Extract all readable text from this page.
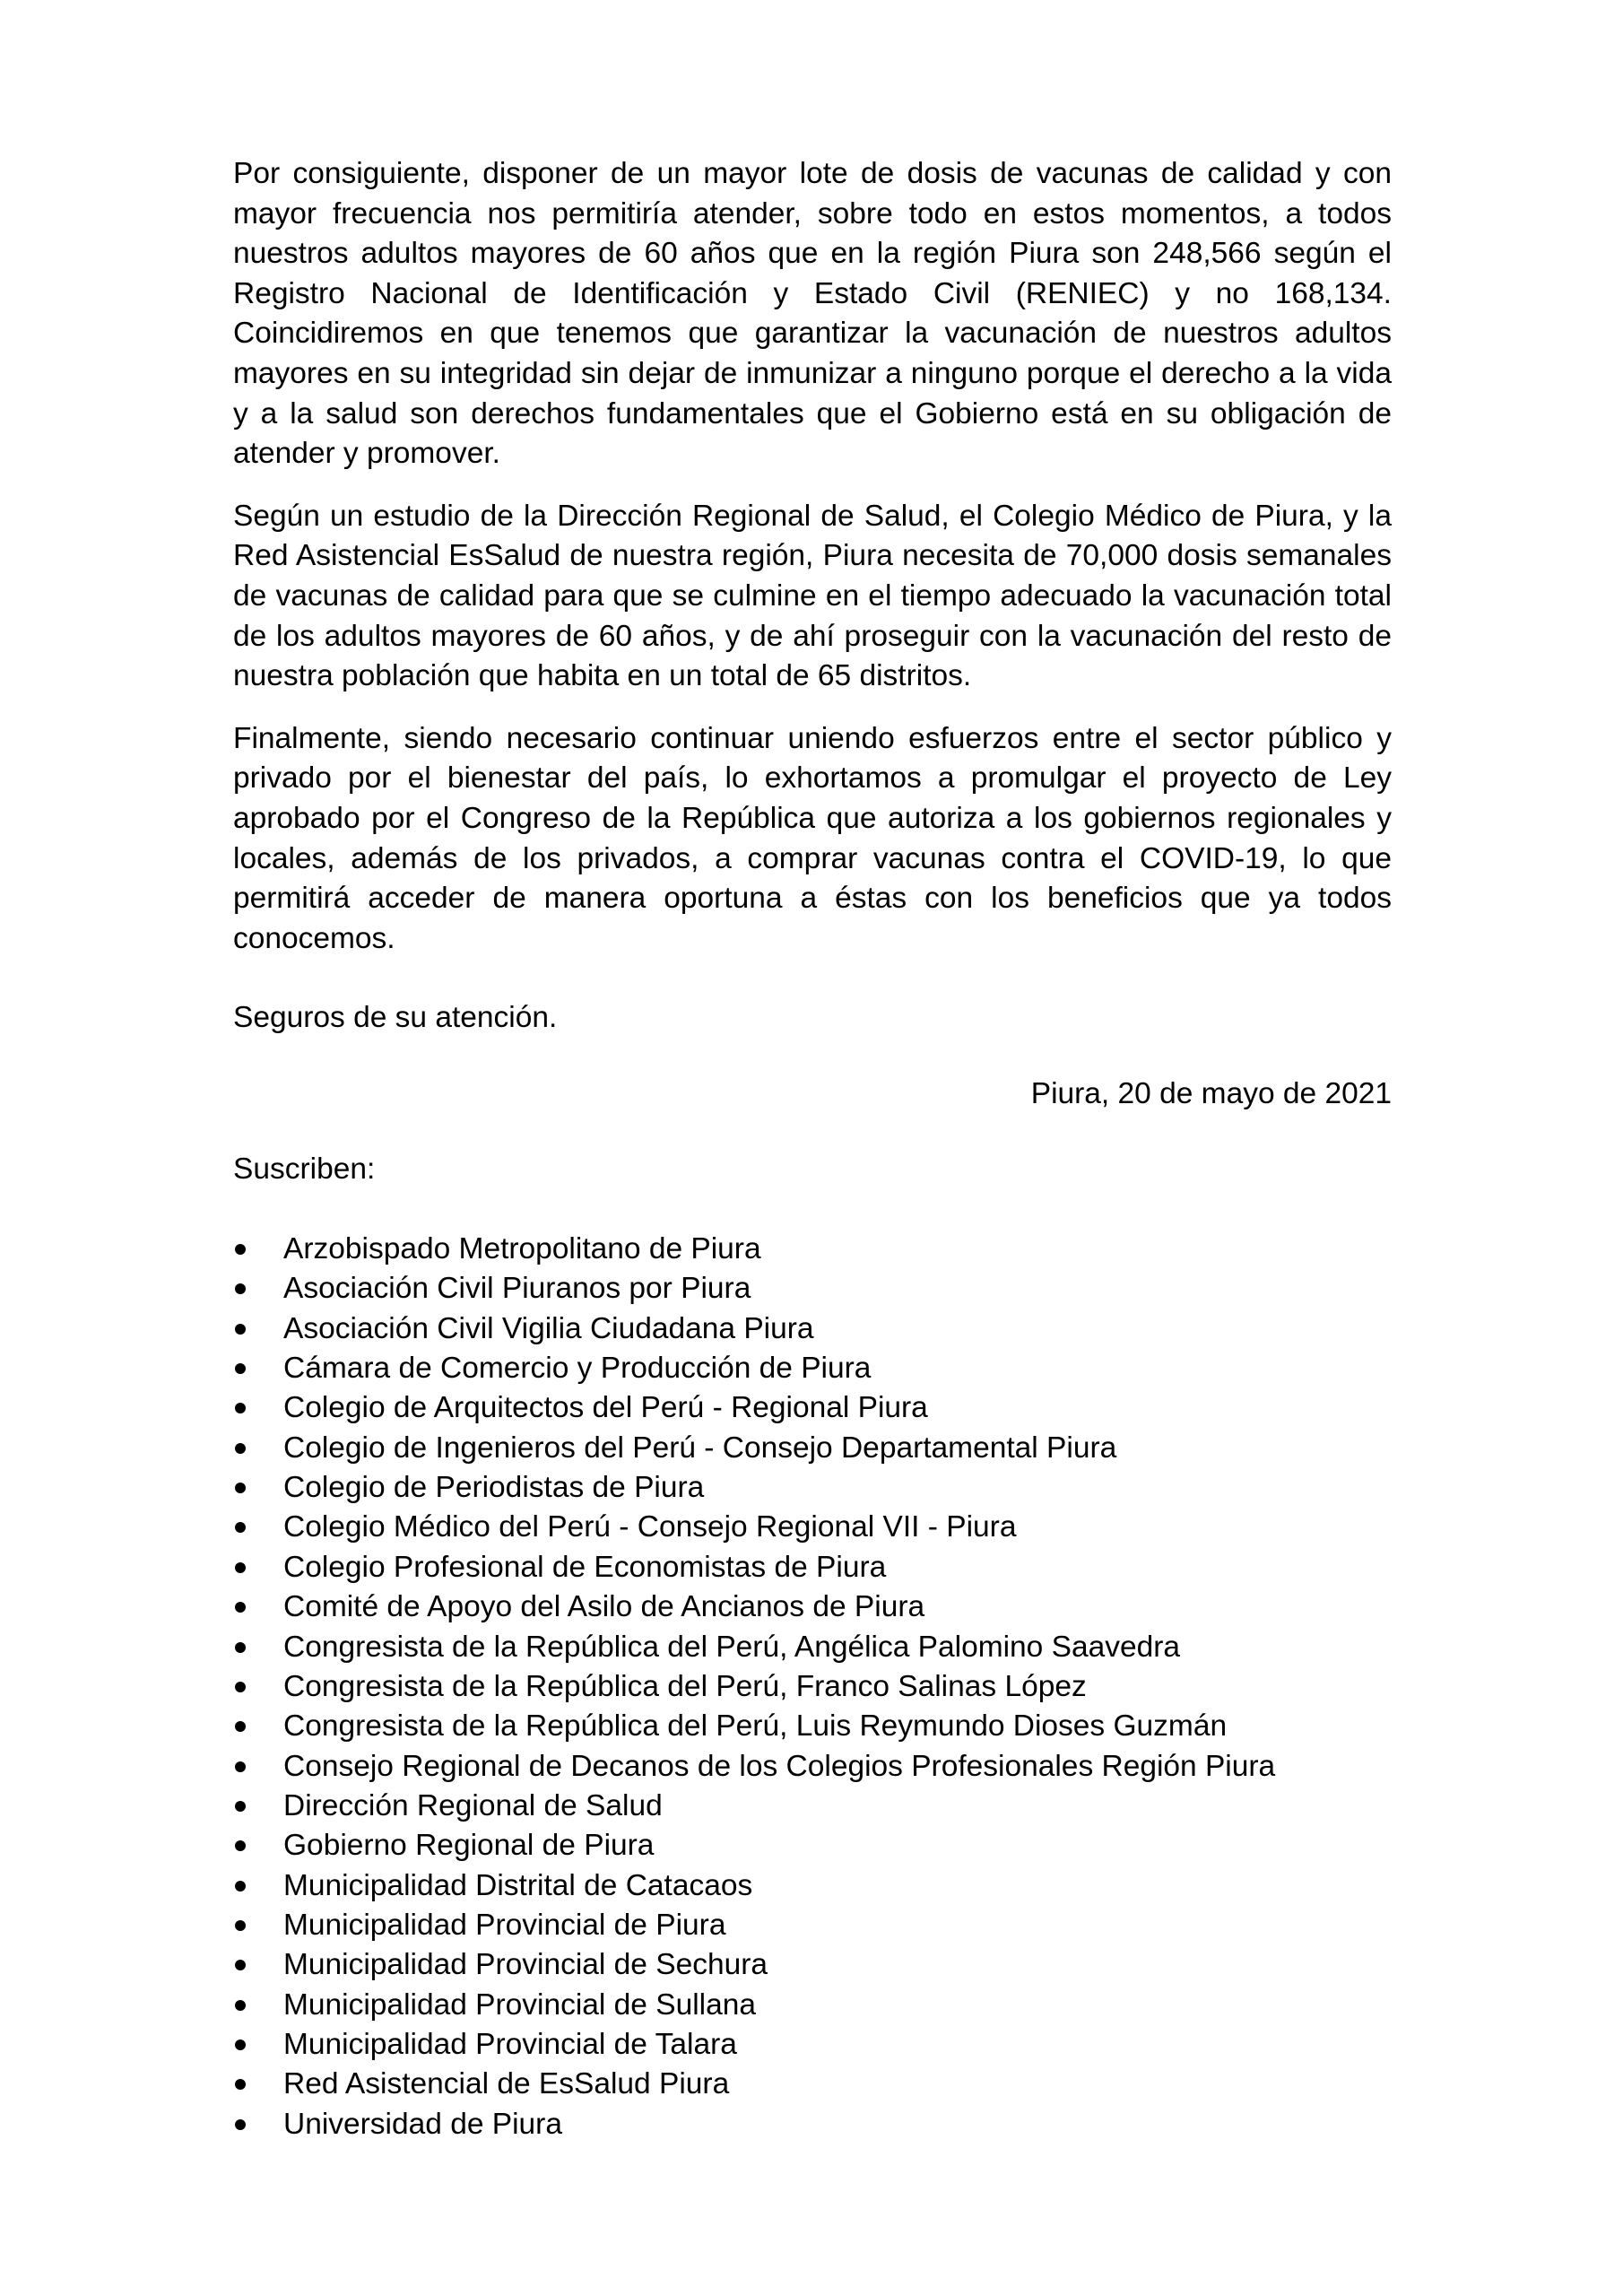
Por consiguiente, disponer de un mayor lote de dosis de vacunas de calidad y con mayor frecuencia nos permitiría atender, sobre todo en estos momentos, a todos nuestros adultos mayores de 60 años que en la región Piura son 248,566 según el Registro Nacional de Identificación y Estado Civil (RENIEC) y no 168,134. Coincidiremos en que tenemos que garantizar la vacunación de nuestros adultos mayores en su integridad sin dejar de inmunizar a ninguno porque el derecho a la vida y a la salud son derechos fundamentales que el Gobierno está en su obligación de atender y promover.

Según un estudio de la Dirección Regional de Salud, el Colegio Médico de Piura, y la Red Asistencial EsSalud de nuestra región, Piura necesita de 70,000 dosis semanales de vacunas de calidad para que se culmine en el tiempo adecuado la vacunación total de los adultos mayores de 60 años, y de ahí proseguir con la vacunación del resto de nuestra población que habita en un total de 65 distritos.

Finalmente, siendo necesario continuar uniendo esfuerzos entre el sector público y privado por el bienestar del país, lo exhortamos a promulgar el proyecto de Ley aprobado por el Congreso de la República que autoriza a los gobiernos regionales y locales, además de los privados, a comprar vacunas contra el COVID-19, lo que permitirá acceder de manera oportuna a éstas con los beneficios que ya todos conocemos.

Seguros de su atención.

Piura, 20 de mayo de 2021

Suscriben:

Arzobispado Metropolitano de Piura
Asociación Civil Piuranos por Piura
Asociación Civil Vigilia Ciudadana Piura
Cámara de Comercio y Producción de Piura
Colegio de Arquitectos del Perú - Regional Piura
Colegio de Ingenieros del Perú - Consejo Departamental Piura
Colegio de Periodistas de Piura
Colegio Médico del Perú - Consejo Regional VII - Piura
Colegio Profesional de Economistas de Piura
Comité de Apoyo del Asilo de Ancianos de Piura
Congresista de la República del Perú, Angélica Palomino Saavedra
Congresista de la República del Perú, Franco Salinas López
Congresista de la República del Perú, Luis Reymundo Dioses Guzmán
Consejo Regional de Decanos de los Colegios Profesionales Región Piura
Dirección Regional de Salud
Gobierno Regional de Piura
Municipalidad Distrital de Catacaos
Municipalidad Provincial de Piura
Municipalidad Provincial de Sechura
Municipalidad Provincial de Sullana
Municipalidad Provincial de Talara
Red Asistencial de EsSalud Piura
Universidad de Piura
